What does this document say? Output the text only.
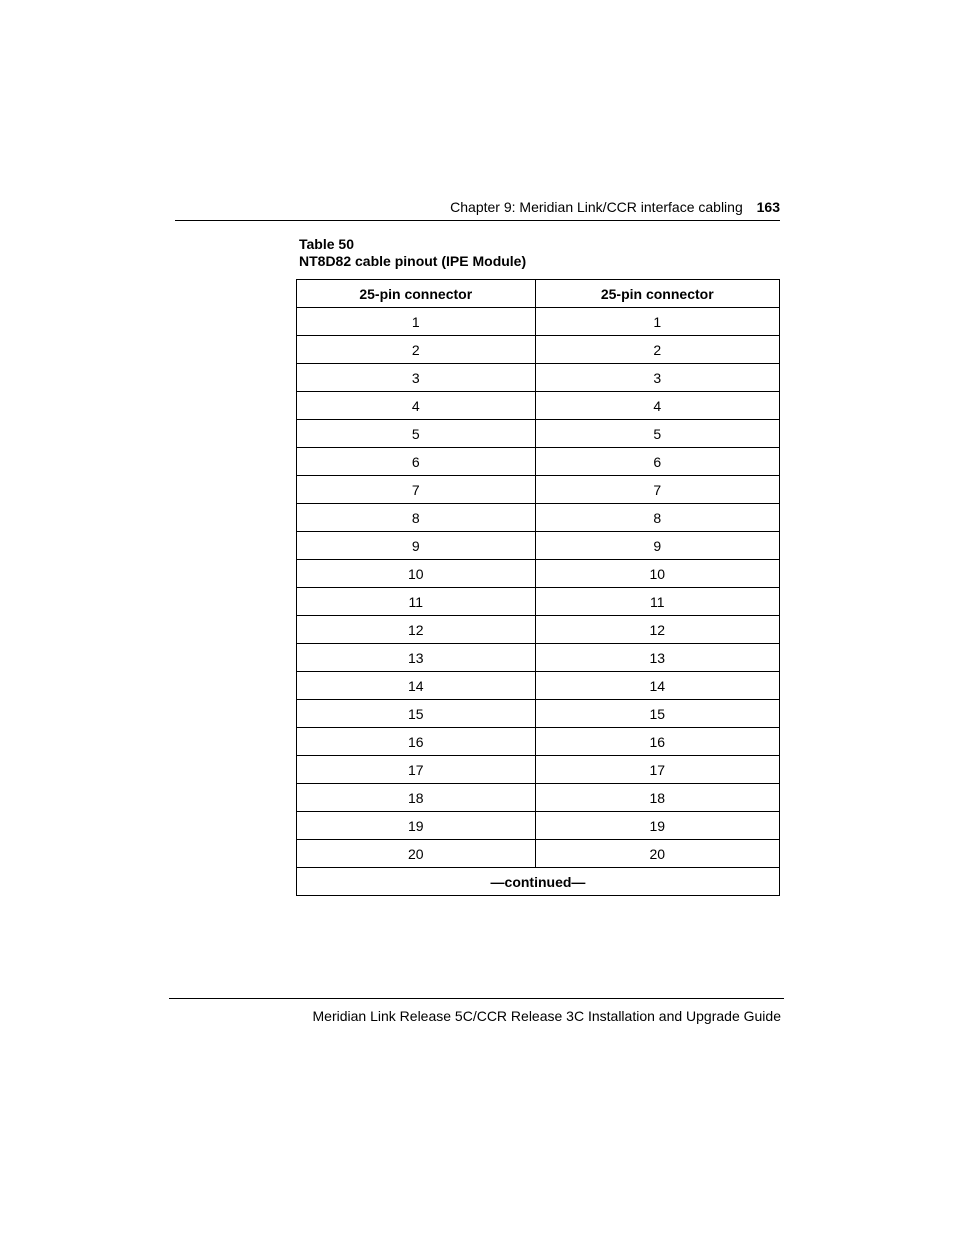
Chapter 9: Meridian Link/CCR interface cabling 163
Table 50
NT8D82 cable pinout (IPE Module)
25-pin connector	25-pin connector
1	1
2	2
3	3
4	4
5	5
6	6
7	7
8	8
9	9
10	10
11	11
12	12
13	13
14	14
15	15
16	16
17	17
18	18
19	19
20	20
—continued—	
Meridian Link Release 5C/CCR Release 3C Installation and Upgrade Guide
